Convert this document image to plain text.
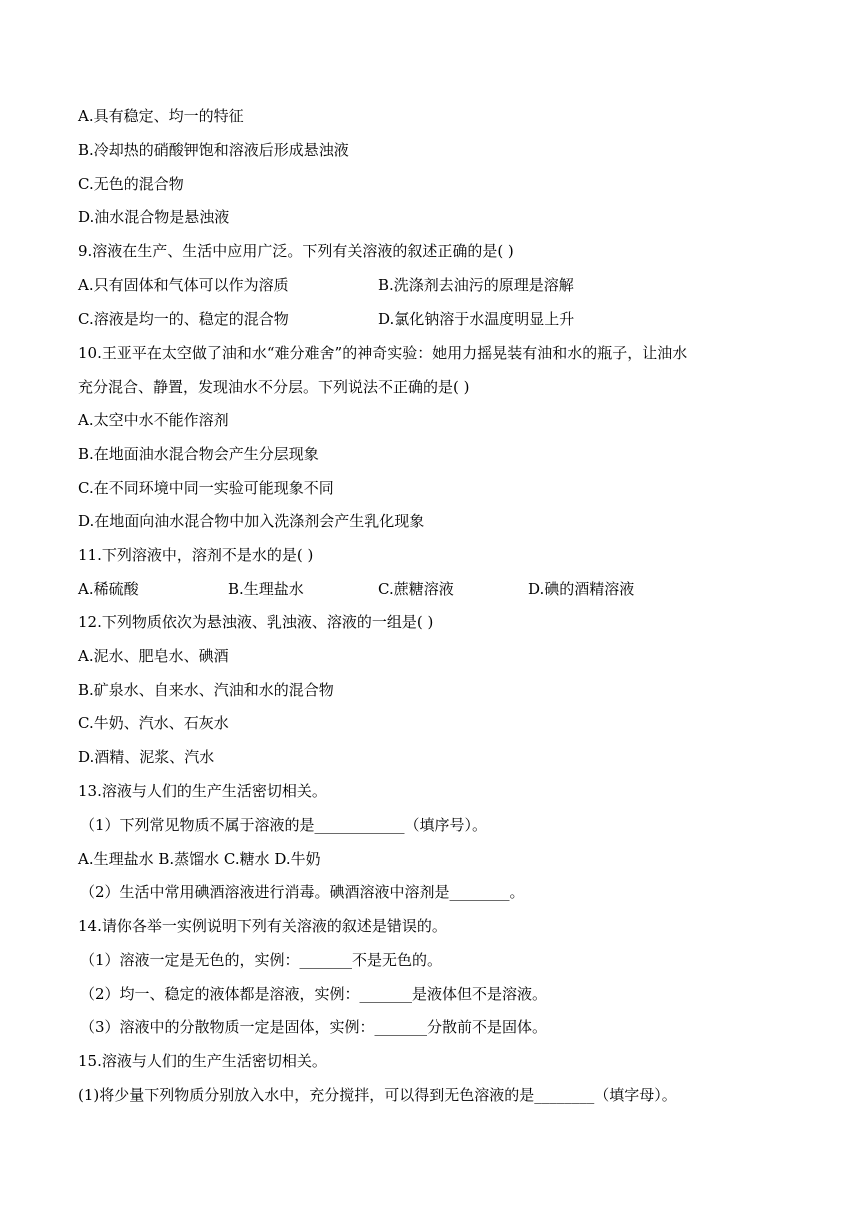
A.具有稳定、均一的特征
B.冷却热的硝酸钾饱和溶液后形成悬浊液
C.无色的混合物
D.油水混合物是悬浊液
9.溶液在生产、生活中应用广泛。下列有关溶液的叙述正确的是( )
A.只有固体和气体可以作为溶质	B.洗涤剂去油污的原理是溶解
C.溶液是均一的、稳定的混合物	D.氯化钠溶于水温度明显上升
10.王亚平在太空做了油和水“难分难舍”的神奇实验：她用力摇晃装有油和水的瓶子，让油水
充分混合、静置，发现油水不分层。下列说法不正确的是( )
A.太空中水不能作溶剂
B.在地面油水混合物会产生分层现象
C.在不同环境中同一实验可能现象不同
D.在地面向油水混合物中加入洗涤剂会产生乳化现象
11.下列溶液中，溶剂不是水的是( )
A.稀硫酸	B.生理盐水	C.蔗糖溶液	D.碘的酒精溶液
12.下列物质依次为悬浊液、乳浊液、溶液的一组是( )
A.泥水、肥皂水、碘酒
B.矿泉水、自来水、汽油和水的混合物
C.牛奶、汽水、石灰水
D.酒精、泥浆、汽水
13.溶液与人们的生产生活密切相关。
（1）下列常见物质不属于溶液的是____________（填序号）。
A.生理盐水 B.蒸馏水 C.糖水 D.牛奶
（2）生活中常用碘酒溶液进行消毒。碘酒溶液中溶剂是________。
14.请你各举一实例说明下列有关溶液的叙述是错误的。
（1）溶液一定是无色的，实例：_______不是无色的。
（2）均一、稳定的液体都是溶液，实例：_______是液体但不是溶液。
（3）溶液中的分散物质一定是固体，实例：_______分散前不是固体。
15.溶液与人们的生产生活密切相关。
(1)将少量下列物质分别放入水中，充分搅拌，可以得到无色溶液的是________（填字母）。
